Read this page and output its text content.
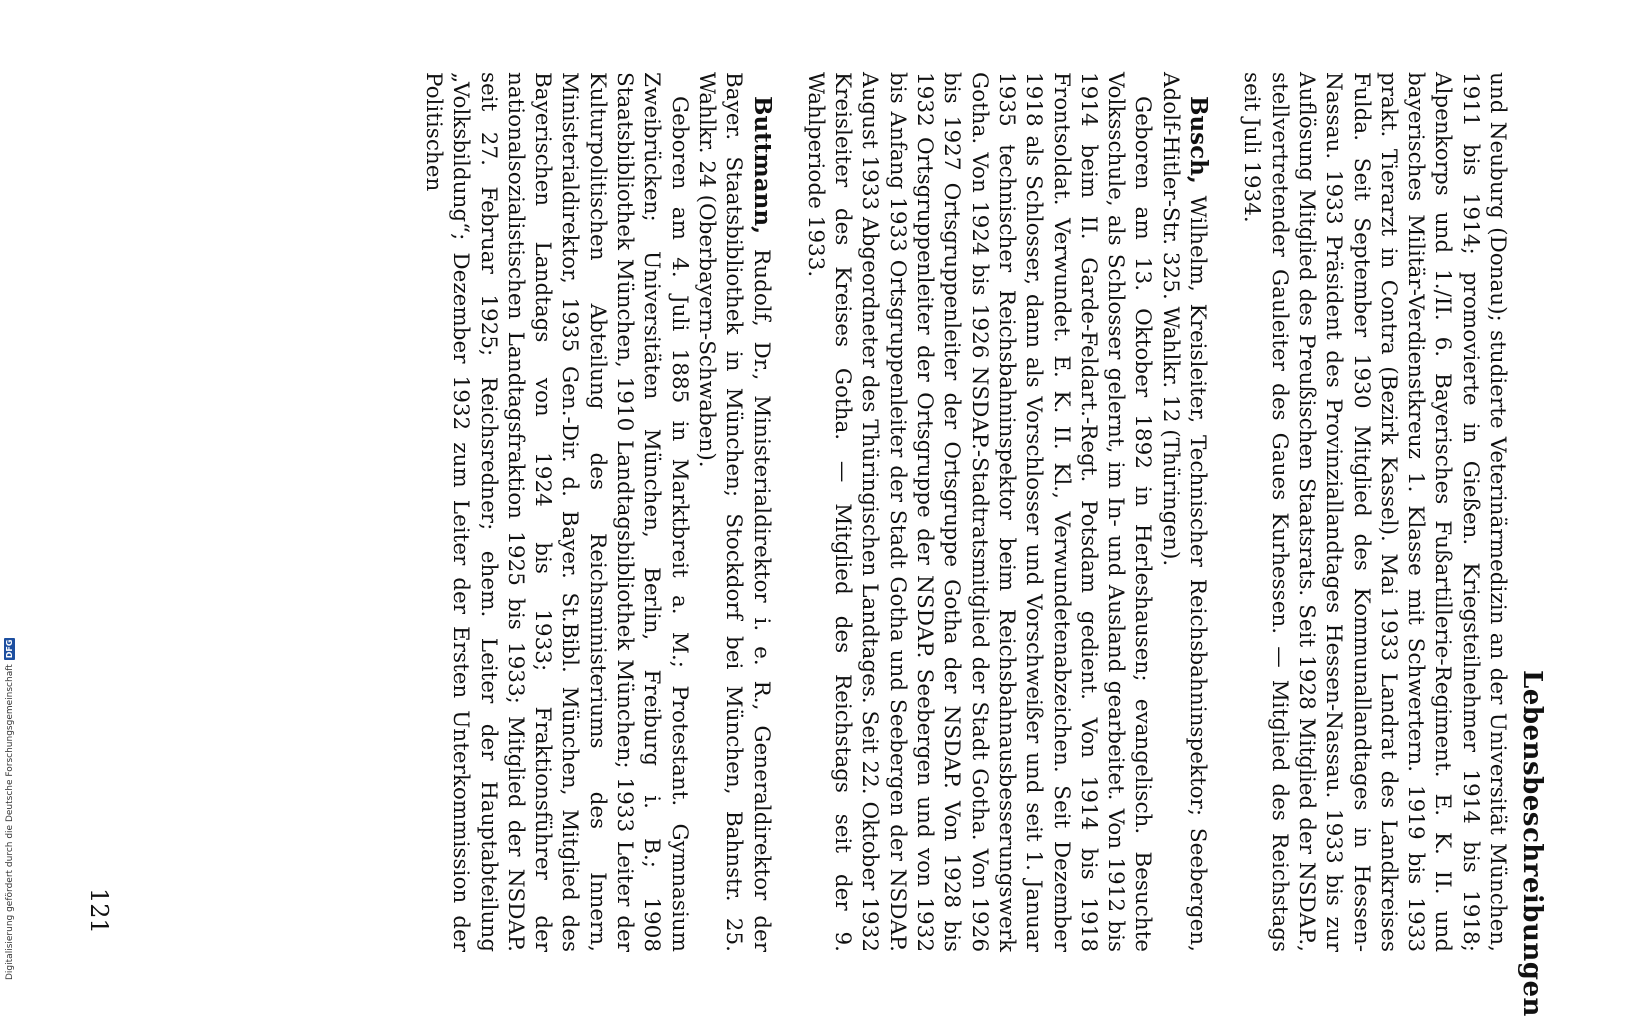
Lebensbeschreibungen

und Neuburg (Donau); studierte Veterinärmedizin an der Universität München, 1911 bis 1914; promovierte in Gießen. Kriegsteilnehmer 1914 bis 1918; Alpenkorps und 1./II. 6. Bayerisches Fußartillerie-Regiment. E. K. II. und bayerisches Militär-Verdienstkreuz 1. Klasse mit Schwertern. 1919 bis 1933 prakt. Tierarzt in Contra (Bezirk Kassel). Mai 1933 Landrat des Landkreises Fulda. Seit September 1930 Mitglied des Kommunallandtages in Hessen-Nassau. 1933 Präsident des Provinziallandtages Hessen-Nassau. 1933 bis zur Auflösung Mitglied des Preußischen Staatsrats. Seit 1928 Mitglied der NSDAP., stellvertretender Gauleiter des Gaues Kurhessen. — Mitglied des Reichstags seit Juli 1934.

Busch, Wilhelm, Kreisleiter, Technischer Reichsbahninspektor; Seebergen, Adolf-Hitler-Str. 325. Wahlkr. 12 (Thüringen).

Geboren am 13. Oktober 1892 in Herleshausen; evangelisch. Besuchte Volksschule, als Schlosser gelernt, im In- und Ausland gearbeitet. Von 1912 bis 1914 beim II. Garde-Feldart.-Regt. Potsdam gedient. Von 1914 bis 1918 Frontsoldat. Verwundet. E. K. II. Kl., Verwundetenabzeichen. Seit Dezember 1918 als Schlosser, dann als Vorschlosser und Vorschweißer und seit 1. Januar 1935 technischer Reichsbahninspektor beim Reichsbahnausbesserungswerk Gotha. Von 1924 bis 1926 NSDAP.-Stadtratsmitglied der Stadt Gotha. Von 1926 bis 1927 Ortsgruppenleiter der Ortsgruppe Gotha der NSDAP. Von 1928 bis 1932 Ortsgruppenleiter der Ortsgruppe der NSDAP. Seebergen und von 1932 bis Anfang 1933 Ortsgruppenleiter der Stadt Gotha und Seebergen der NSDAP. August 1933 Abgeordneter des Thüringischen Landtages. Seit 22. Oktober 1932 Kreisleiter des Kreises Gotha. — Mitglied des Reichstags seit der 9. Wahlperiode 1933.

Buttmann, Rudolf, Dr., Ministerialdirektor i. e. R., Generaldirektor der Bayer. Staatsbibliothek in München; Stockdorf bei München, Bahnstr. 25. Wahlkr. 24 (Oberbayern-Schwaben).

Geboren am 4. Juli 1885 in Marktbreit a. M.; Protestant. Gymnasium Zweibrücken; Universitäten München, Berlin, Freiburg i. B.; 1908 Staatsbibliothek München, 1910 Landtagsbibliothek München; 1933 Leiter der Kulturpolitischen Abteilung des Reichsministeriums des Innern, Ministerialdirektor, 1935 Gen.-Dir. d. Bayer. St.Bibl. München, Mitglied des Bayerischen Landtags von 1924 bis 1933; Fraktionsführer der nationalsozialistischen Landtagsfraktion 1925 bis 1933; Mitglied der NSDAP. seit 27. Februar 1925; Reichsredner; ehem. Leiter der Hauptabteilung „Volksbildung“; Dezember 1932 zum Leiter der Ersten Unterkommission der Politischen

121
Digitalisierung gefördert durch die Deutsche Forschungsgemeinschaft
DFG
